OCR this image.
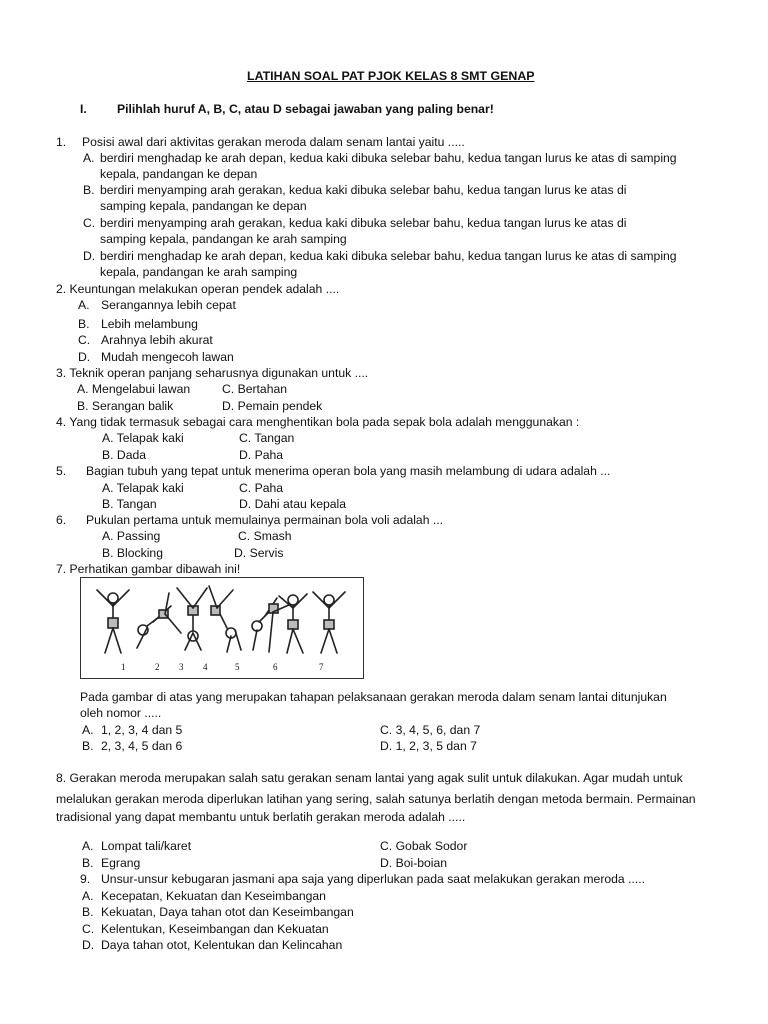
LATIHAN SOAL PAT PJOK KELAS 8 SMT GENAP
I. Pilihlah huruf A, B, C, atau D sebagai jawaban yang paling benar!
1. Posisi awal dari aktivitas gerakan meroda dalam senam lantai yaitu .....
A. berdiri menghadap ke arah depan, kedua kaki dibuka selebar bahu, kedua tangan lurus ke atas di samping
kepala, pandangan ke depan
B. berdiri menyamping arah gerakan, kedua kaki dibuka selebar bahu, kedua tangan lurus ke atas di
samping kepala, pandangan ke depan
C. berdiri menyamping arah gerakan, kedua kaki dibuka selebar bahu, kedua tangan lurus ke atas di
samping kepala, pandangan ke arah samping
D. berdiri menghadap ke arah depan, kedua kaki dibuka selebar bahu, kedua tangan lurus ke atas di samping
kepala, pandangan ke arah samping
2. Keuntungan melakukan operan pendek adalah ....
A. Serangannya lebih cepat
B. Lebih melambung
C. Arahnya lebih akurat
D. Mudah mengecoh lawan
3. Teknik operan panjang seharusnya digunakan untuk ....
A. Mengelabui lawan	C. Bertahan
B. Serangan balik	D. Pemain pendek
4. Yang tidak termasuk sebagai cara menghentikan bola pada sepak bola adalah menggunakan :
A. Telapak kaki	C. Tangan
B. Dada	D. Paha
5. Bagian tubuh yang tepat untuk menerima operan bola yang masih melambung di udara adalah ...
A. Telapak kaki	C. Paha
B. Tangan	D. Dahi atau kepala
6. Pukulan pertama untuk memulainya permainan bola voli adalah ...
A. Passing	C. Smash
B. Blocking	D. Servis
7. Perhatikan gambar dibawah ini!
1	2 3 4	5	6	7
Pada gambar di atas yang merupakan tahapan pelaksanaan gerakan meroda dalam senam lantai ditunjukan
oleh nomor .....
A. 1, 2, 3, 4 dan 5	C. 3, 4, 5, 6, dan 7
B. 2, 3, 4, 5 dan 6	D. 1, 2, 3, 5 dan 7
8. Gerakan meroda merupakan salah satu gerakan senam lantai yang agak sulit untuk dilakukan. Agar mudah untuk
melalukan gerakan meroda diperlukan latihan yang sering, salah satunya berlatih dengan metoda bermain. Permainan
tradisional yang dapat membantu untuk berlatih gerakan meroda adalah .....
A. Lompat tali/karet	C. Gobak Sodor
B. Egrang	D. Boi-boian
9. Unsur-unsur kebugaran jasmani apa saja yang diperlukan pada saat melakukan gerakan meroda .....
A. Kecepatan, Kekuatan dan Keseimbangan
B. Kekuatan, Daya tahan otot dan Keseimbangan
C. Kelentukan, Keseimbangan dan Kekuatan
D. Daya tahan otot, Kelentukan dan Kelincahan
